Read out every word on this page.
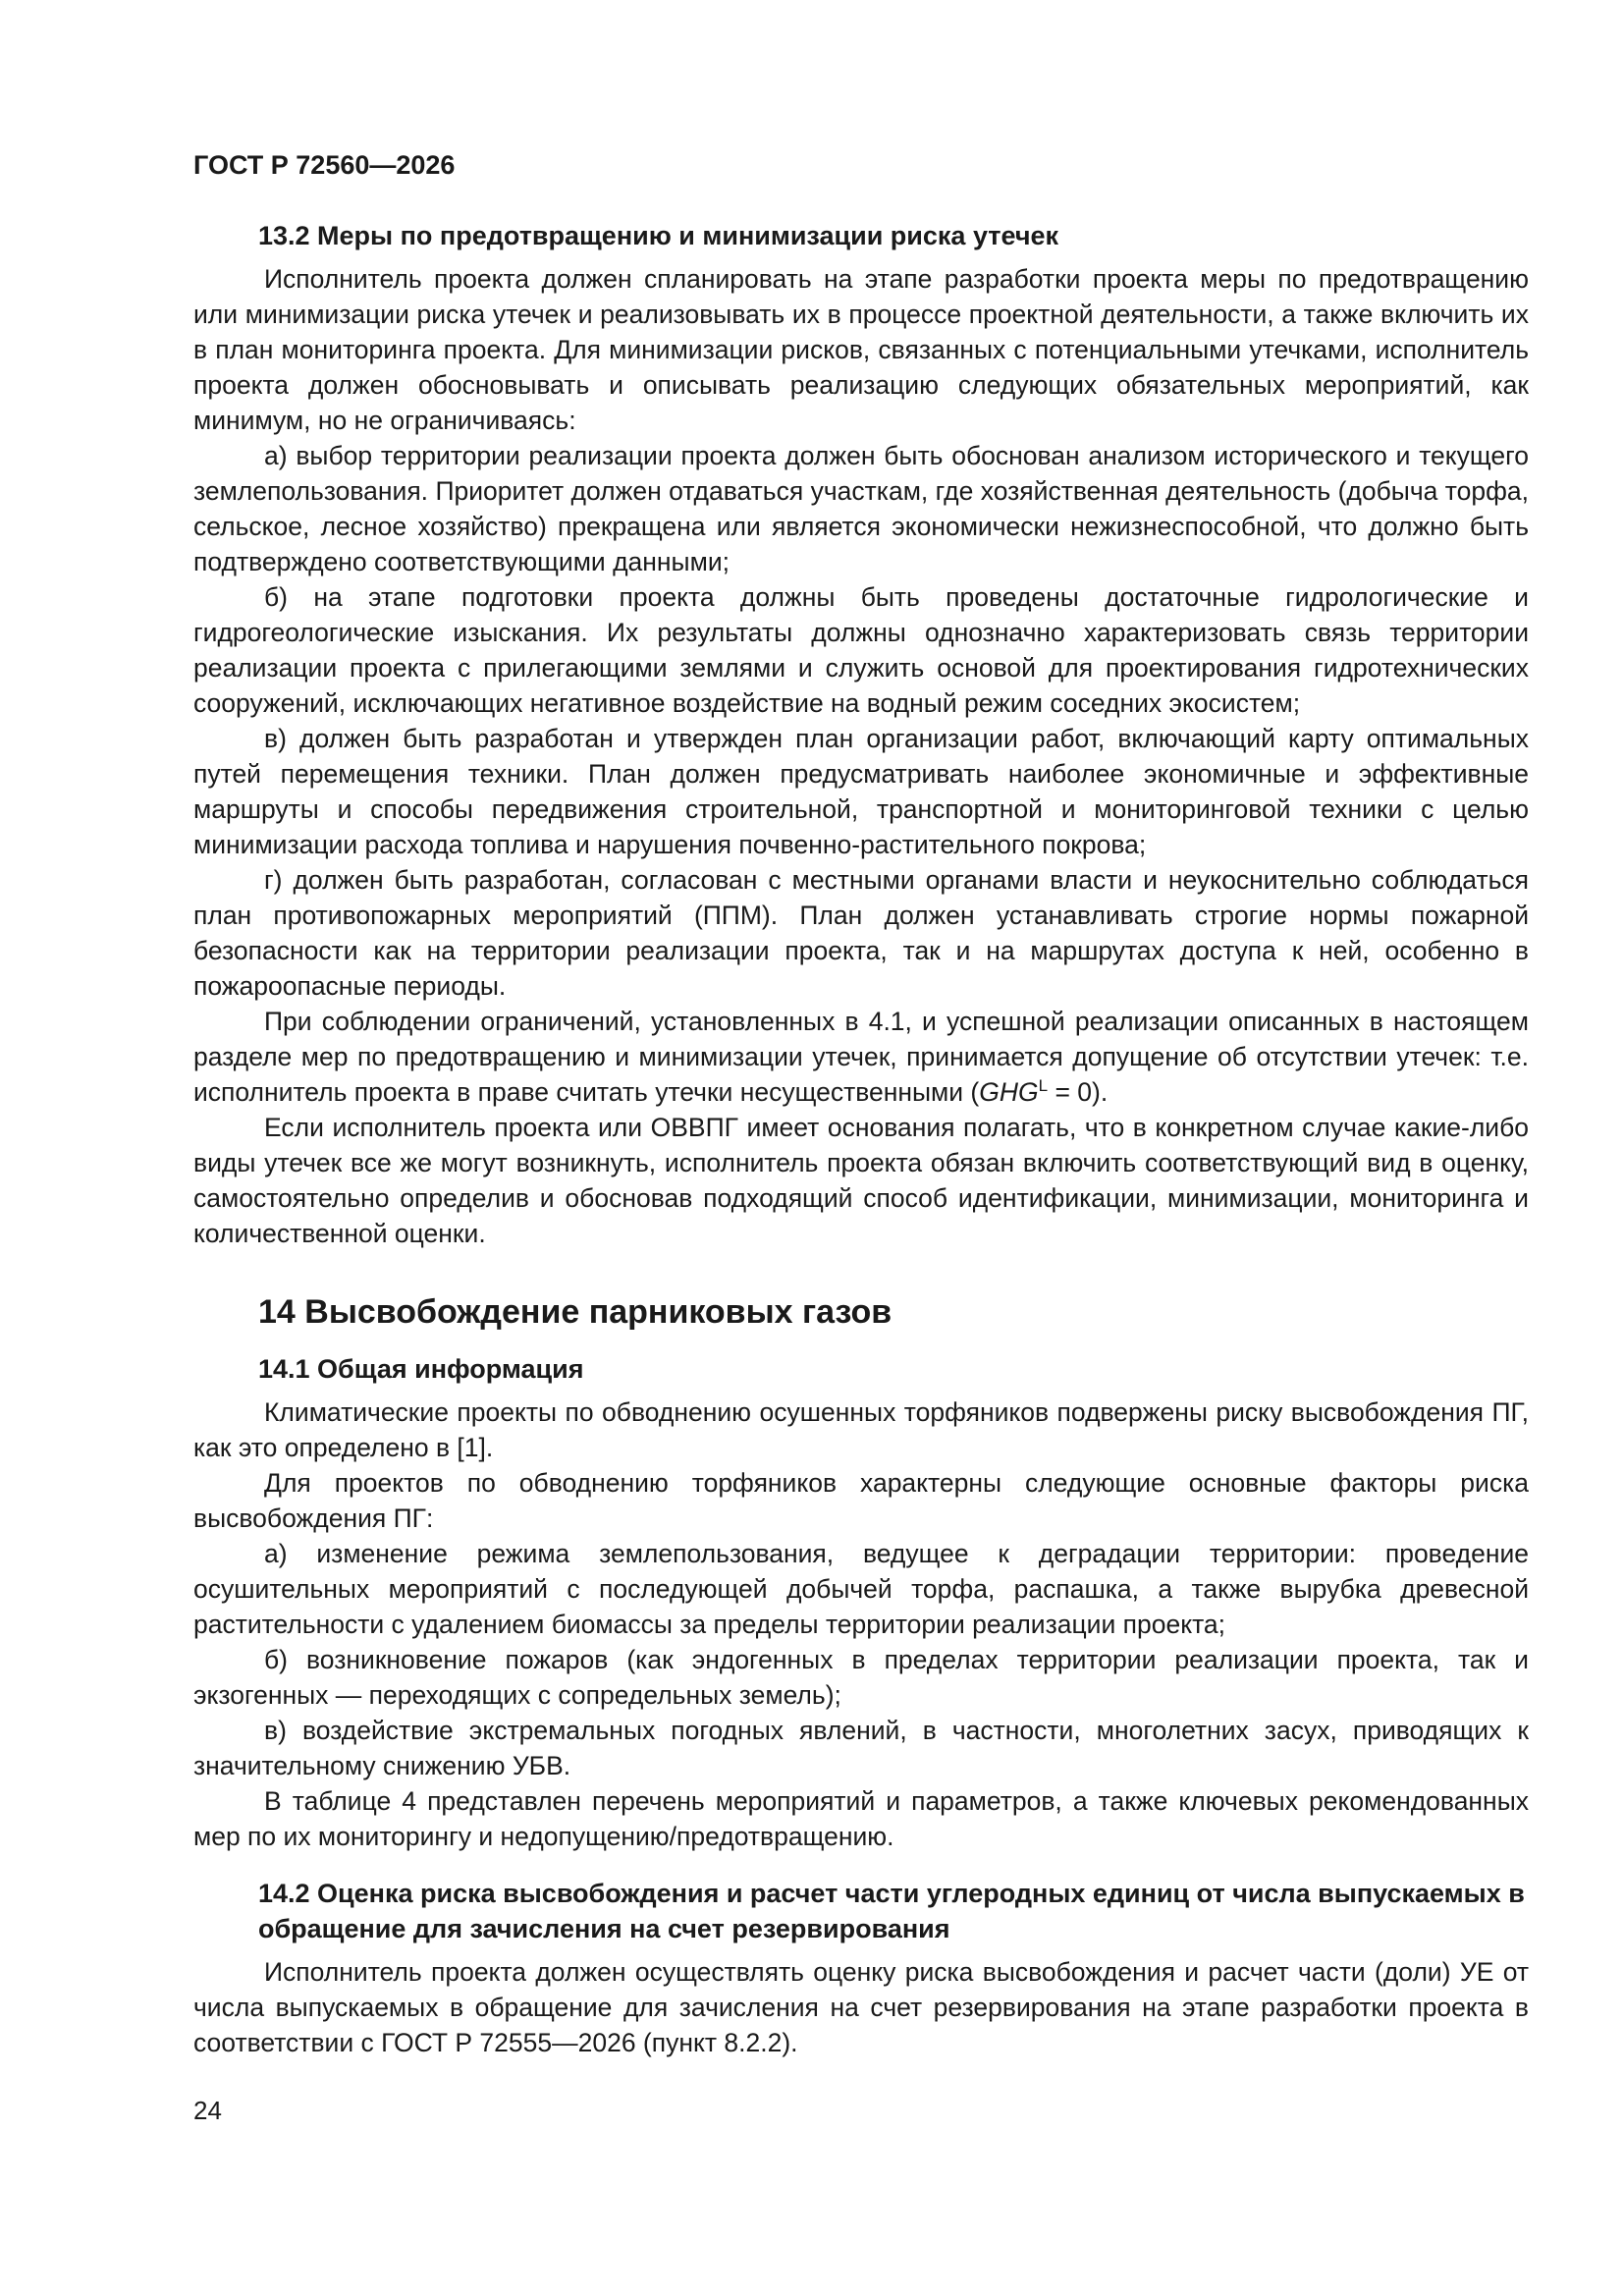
ГОСТ Р 72560—2026
13.2 Меры по предотвращению и минимизации риска утечек

Исполнитель проекта должен спланировать на этапе разработки проекта меры по предотвращению или минимизации риска утечек и реализовывать их в процессе проектной деятельности, а также включить их в план мониторинга проекта. Для минимизации рисков, связанных с потенциальными утечками, исполнитель проекта должен обосновывать и описывать реализацию следующих обязательных мероприятий, как минимум, но не ограничиваясь:

а) выбор территории реализации проекта должен быть обоснован анализом исторического и текущего землепользования. Приоритет должен отдаваться участкам, где хозяйственная деятельность (добыча торфа, сельское, лесное хозяйство) прекращена или является экономически нежизнеспособной, что должно быть подтверждено соответствующими данными;

б) на этапе подготовки проекта должны быть проведены достаточные гидрологические и гидрогеологические изыскания. Их результаты должны однозначно характеризовать связь территории реализации проекта с прилегающими землями и служить основой для проектирования гидротехнических сооружений, исключающих негативное воздействие на водный режим соседних экосистем;

в) должен быть разработан и утвержден план организации работ, включающий карту оптимальных путей перемещения техники. План должен предусматривать наиболее экономичные и эффективные маршруты и способы передвижения строительной, транспортной и мониторинговой техники с целью минимизации расхода топлива и нарушения почвенно-растительного покрова;

г) должен быть разработан, согласован с местными органами власти и неукоснительно соблюдаться план противопожарных мероприятий (ППМ). План должен устанавливать строгие нормы пожарной безопасности как на территории реализации проекта, так и на маршрутах доступа к ней, особенно в пожароопасные периоды.

При соблюдении ограничений, установленных в 4.1, и успешной реализации описанных в настоящем разделе мер по предотвращению и минимизации утечек, принимается допущение об отсутствии утечек: т.е. исполнитель проекта в праве считать утечки несущественными $(GHG^L = 0)$.

Если исполнитель проекта или ОВВПГ имеет основания полагать, что в конкретном случае какие-либо виды утечек все же могут возникнуть, исполнитель проекта обязан включить соответствующий вид в оценку, самостоятельно определив и обосновав подходящий способ идентификации, минимизации, мониторинга и количественной оценки.

14 Высвобождение парниковых газов
14.1 Общая информация

Климатические проекты по обводнению осушенных торфяников подвержены риску высвобождения ПГ, как это определено в [1].

Для проектов по обводнению торфяников характерны следующие основные факторы риска высвобождения ПГ:

а) изменение режима землепользования, ведущее к деградации территории: проведение осушительных мероприятий с последующей добычей торфа, распашка, а также вырубка древесной растительности с удалением биомассы за пределы территории реализации проекта;

б) возникновение пожаров (как эндогенных в пределах территории реализации проекта, так и экзогенных — переходящих с сопредельных земель);

в) воздействие экстремальных погодных явлений, в частности, многолетних засух, приводящих к значительному снижению УБВ.

В таблице 4 представлен перечень мероприятий и параметров, а также ключевых рекомендованных мер по их мониторингу и недопущению/предотвращению.

14.2 Оценка риска высвобождения и расчет части углеродных единиц от числа выпускаемых в обращение для зачисления на счет резервирования

Исполнитель проекта должен осуществлять оценку риска высвобождения и расчет части (доли) УЕ от числа выпускаемых в обращение для зачисления на счет резервирования на этапе разработки проекта в соответствии с ГОСТ Р 72555—2026 (пункт 8.2.2).

24
